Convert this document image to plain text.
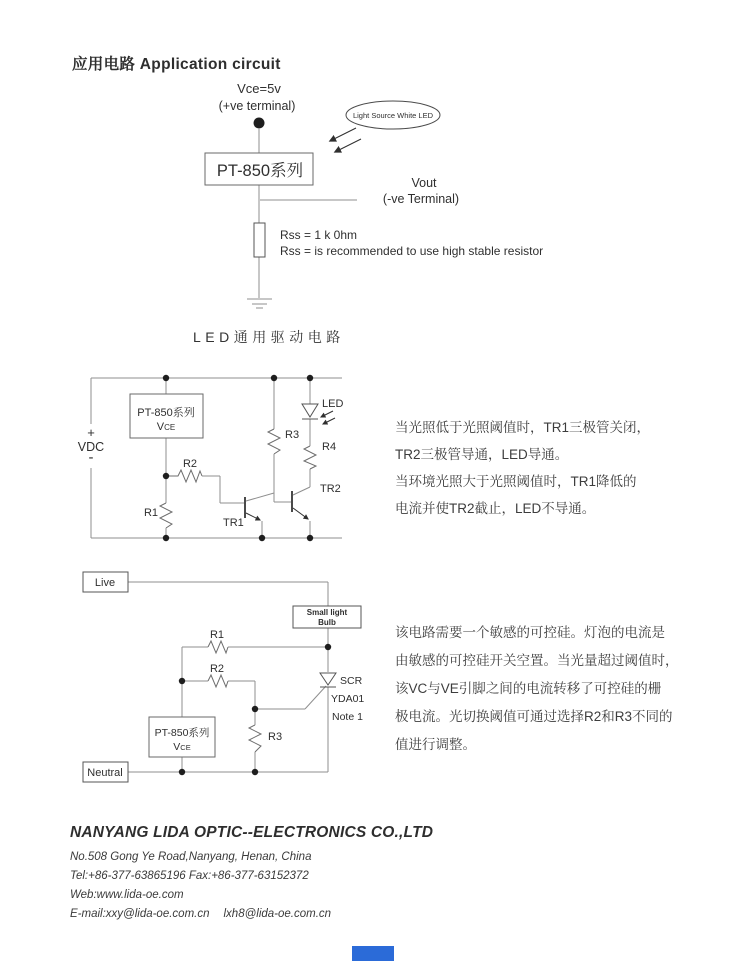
应用电路 Application circuit
Vce=5v
(+ve terminal)
PT-850系列
Light Source White LED
Vout
(-ve Terminal)
Rss = 1 k 0hm
Rss = is recommended to use high stable resistor
+
VDC
-
PT-850系列
VCE
R1
R2
R3
R4
TR1
TR2
LED
Live
Small light
Bulb
PT-850系列
VCE
Neutral
R1
R2
R3
SCR
YDA01
Note 1
LED通用驱动电路
当光照低于光照阈值时，TR1三极管关闭，
TR2三极管导通，LED导通。
当环境光照大于光照阈值时，TR1降低的
电流并使TR2截止，LED不导通。
该电路需要一个敏感的可控硅。灯泡的电流是
由敏感的可控硅开关空置。当光量超过阈值时，
该VC与VE引脚之间的电流转移了可控硅的栅
极电流。光切换阈值可通过选择R2和R3不同的
值进行调整。
NANYANG LIDA OPTIC--ELECTRONICS CO.,LTD
No.508 Gong Ye Road,Nanyang, Henan, China
Tel:+86-377-63865196 Fax:+86-377-63152372
Web:www.lida-oe.com
E-mail:xxy@lida-oe.com.cn lxh8@lida-oe.com.cn
